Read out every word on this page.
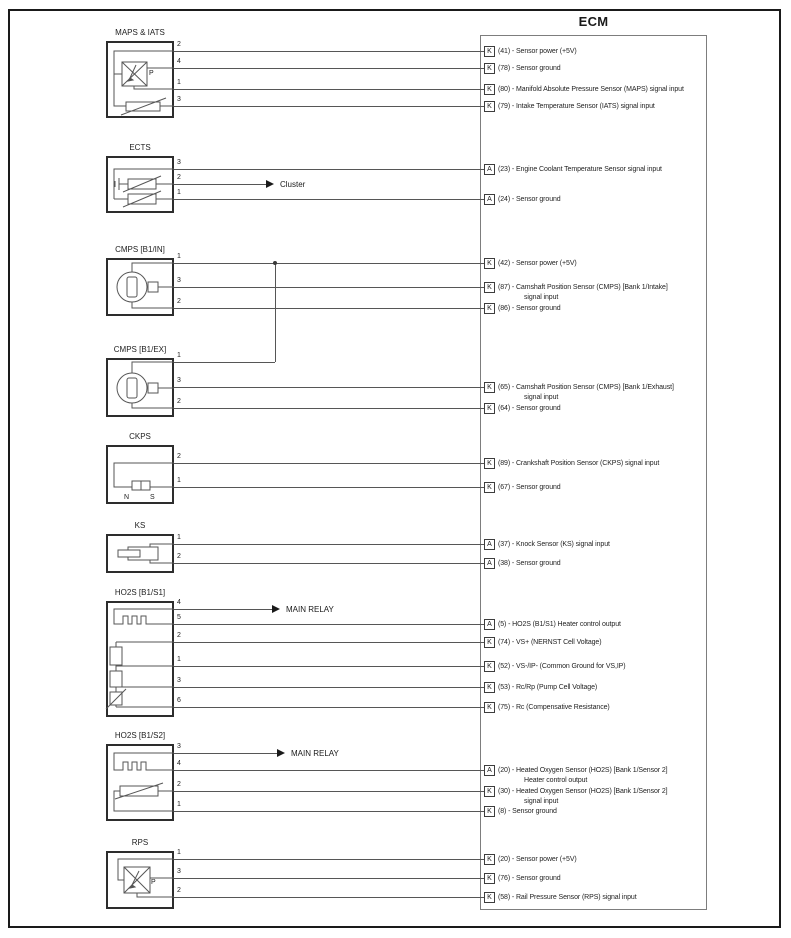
ECM
Cluster
MAIN RELAY
MAIN RELAY
MAPS & IATS
P
2
4
1
3
ECTS
3
2
1
CMPS [B1/IN]
1
3
2
CMPS [B1/EX]
1
3
2
CKPS
N	S
2
1
KS
1
2
HO2S [B1/S1]
4
5
2
1
3
6
HO2S [B1/S2]
3
4
2
1
RPS
P
1
3
2
K (41) - Sensor power (+5V)
K (78) - Sensor ground
K (80) - Manifold Absolute Pressure Sensor (MAPS) signal input
K (79) - Intake Temperature Sensor (IATS) signal input
A (23) - Engine Coolant Temperature Sensor signal input
A (24) - Sensor ground
K (42) - Sensor power (+5V)
K (87) - Camshaft Position Sensor (CMPS) [Bank 1/Intake]
signal input
K (86) - Sensor ground
K (65) - Camshaft Position Sensor (CMPS) [Bank 1/Exhaust]
signal input
K (64) - Sensor ground
K (89) - Crankshaft Position Sensor (CKPS) signal input
K (67) - Sensor ground
A (37) - Knock Sensor (KS) signal input
A (38) - Sensor ground
A (5) - HO2S (B1/S1) Heater control output
K (74) - VS+ (NERNST Cell Voltage)
K (52) - VS-/IP- (Common Ground for VS,IP)
K (53) - Rc/Rp (Pump Cell Voltage)
K (75) - Rc (Compensative Resistance)
A (20) - Heated Oxygen Sensor (HO2S) [Bank 1/Sensor 2]
Heater control output
K (30) - Heated Oxygen Sensor (HO2S) [Bank 1/Sensor 2]
signal input
K (8) - Sensor ground
K (20) - Sensor power (+5V)
K (76) - Sensor ground
K (58) - Rail Pressure Sensor (RPS) signal input
